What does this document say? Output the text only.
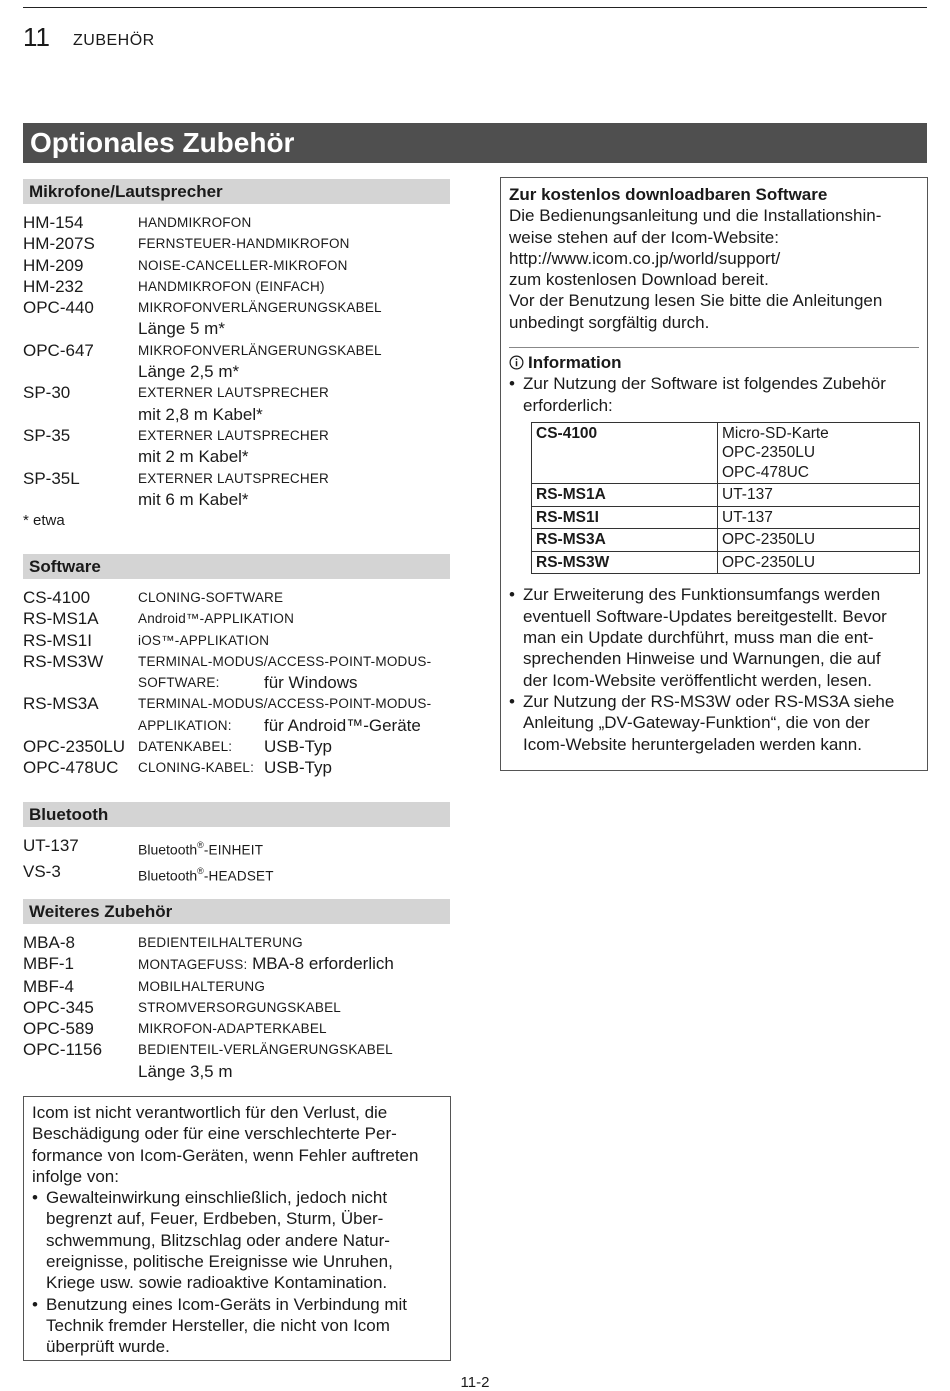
11 ZUBEHÖR
Optionales Zubehör
Mikrofone/Lautsprecher
HM-154	HANDMIKROFON
HM-207S	FERNSTEUER-HANDMIKROFON
HM-209	NOISE-CANCELLER-MIKROFON
HM-232	HANDMIKROFON (EINFACH)
OPC-440	MIKROFONVERLÄNGERUNGSKABEL
Länge 5 m*
OPC-647	MIKROFONVERLÄNGERUNGSKABEL
Länge 2,5 m*
SP-30	EXTERNER LAUTSPRECHER
mit 2,8 m Kabel*
SP-35	EXTERNER LAUTSPRECHER
mit 2 m Kabel*
SP-35L	EXTERNER LAUTSPRECHER
mit 6 m Kabel*
* etwa
Software
CS-4100	CLONING-SOFTWARE
RS-MS1A	Android™-APPLIKATION
RS-MS1I	iOS™-APPLIKATION
RS-MS3W	TERMINAL-MODUS/ACCESS-POINT-MODUS-
SOFTWARE:	für Windows
RS-MS3A	TERMINAL-MODUS/ACCESS-POINT-MODUS-
APPLIKATION:	für Android™-Geräte
OPC-2350LU DATENKABEL:	USB-Typ
OPC-478UC	CLONING-KABEL: USB-Typ
Bluetooth
UT-137	Bluetooth®-EINHEIT
VS-3	Bluetooth®-HEADSET
Weiteres Zubehör
MBA-8	BEDIENTEILHALTERUNG
MBF-1	MONTAGEFUSS: MBA-8 erforderlich
MBF-4	MOBILHALTERUNG
OPC-345	STROMVERSORGUNGSKABEL
OPC-589	MIKROFON-ADAPTERKABEL
OPC-1156	BEDIENTEIL-VERLÄNGERUNGSKABEL
Länge 3,5 m

Zur kostenlos downloadbaren Software

Die Bedienungsanleitung und die Installationshin-

weise stehen auf der Icom-Website:

http://www.icom.co.jp/world/support/

zum kostenlosen Download bereit.

Vor der Benutzung lesen Sie bitte die Anleitungen

unbedingt sorgfältig durch.

Information

• Zur Nutzung der Software ist folgendes Zubehör
erforderlich:
CS-4100	Micro-SD-Karte
OPC-2350LU
OPC-478UC
RS-MS1A	UT-137
RS-MS1I	UT-137
RS-MS3A	OPC-2350LU
RS-MS3W	OPC-2350LU
• Zur Erweiterung des Funktionsumfangs werden
eventuell Software-Updates bereitgestellt. Bevor
man ein Update durchführt, muss man die ent-
sprechenden Hinweise und Warnungen, die auf
der Icom-Website veröffentlicht werden, lesen.
• Zur Nutzung der RS-MS3W oder RS-MS3A siehe
Anleitung „DV-Gateway-Funktion“, die von der
Icom-Website heruntergeladen werden kann.

Icom ist nicht verantwortlich für den Verlust, die

Beschädigung oder für eine verschlechterte Per-

formance von Icom-Geräten, wenn Fehler auftreten

infolge von:

• Gewalteinwirkung einschließlich, jedoch nicht
begrenzt auf, Feuer, Erdbeben, Sturm, Über-
schwemmung, Blitzschlag oder andere Natur-
ereignisse, politische Ereignisse wie Unruhen,
Kriege usw. sowie radioaktive Kontamination.
• Benutzung eines Icom-Geräts in Verbindung mit
Technik fremder Hersteller, die nicht von Icom
überprüft wurde.
11-2
